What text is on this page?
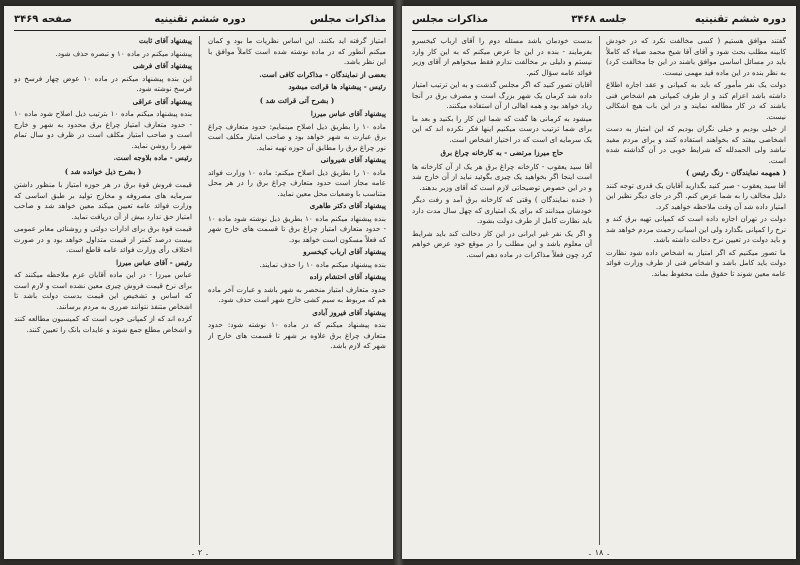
مذاکرات مجلس
دوره ششم تقنینیه
صفحه ۳۴۶۹

امتیاز گرفته اید بکنند. این اساس نظریات ما بود و کمان میکنم آنطور که در ماده نوشته شده است کاملاً موافق با این نظر باشد.

بعضی از نمایندگان - مذاکرات کافی است.

رئیس - پیشنهاد ها قرائت میشود

( بشرح آتی قرائت شد )

پیشنهاد آقای عباس میرزا

ماده ۱۰ را بطریق ذیل اصلاح مینمایم: حدود متعارف چراغ برق عبارت به شهر خواهد بود و صاحب امتیاز مکلف است نور چراغ برق را مطابق آن حوزه تهیه نماید.

پیشنهاد آقای شیروانی

ماده ۱۰ را بطریق ذیل اصلاح میکنم: ماده ۱۰ وزارت فوائد عامه مجاز است حدود متعارف چراغ برق را در هر محل متناسب با وضعیات محل معین نماید.

پیشنهاد آقای دکتر طاهری

بنده پیشنهاد میکنم ماده ۱۰ بطریق ذیل نوشته شود ماده ۱۰ - حدود متعارف امتیاز چراغ برق تا قسمت های خارج شهر که فعلاً مسکون است خواهد بود.

پیشنهاد آقای ارباب کیخسرو

بنده پیشنهاد میکنم ماده ۱۰ را حذف نمایند.

پیشنهاد آقای احتشام زاده

حدود متعارف امتیاز منحصر به شهر باشد و عبارت آخر ماده هم که مربوط به سیم کشی خارج شهر است حذف شود.

پیشنهاد آقای فیروز آبادی

بنده پیشنهاد میکنم که در ماده ۱۰ نوشته شود: حدود متعارف چراغ برق علاوه بر شهر تا قسمت های خارج از شهر که لازم باشد.

پیشنهاد آقای ثابت

پیشنهاد میکنم در ماده ۱۰ و تبصره حذف شود.

پیشنهاد آقای فرشی

این بنده پیشنهاد میکنم در ماده ۱۰ عوض چهار فرسخ دو فرسخ نوشته شود.

پیشنهاد آقای عراقی

بنده پیشنهاد میکنم ماده ۱۰ بترتیب ذیل اصلاح شود ماده ۱۰ - حدود متعارف امتیاز چراغ برق محدود به شهر و خارج است و صاحب امتیاز مکلف است در ظرف دو سال تمام شهر را روشن نماید.

رئیس - ماده بلاوجه است.

( بشرح ذیل خوانده شد )

قیمت فروش قوة برق در هر حوزه امتیاز با منظور داشتن سرمایه های مصروفه و مخارج تولید بر طبق اساسی که وزارت فوائد عامه تعیین میکند معین خواهد شد و صاحب امتیاز حق ندارد بیش از آن دریافت نماید.

قیمت قوة برق برای ادارات دولتی و روشنائی معابر عمومی بیست درصد کمتر از قیمت متداول خواهد بود و در صورت اختلاف رأی وزارت فوائد عامه قاطع است.

رئیس - آقای عباس میرزا

عباس میرزا - در این ماده آقایان عزم ملاحظه میکنند که برای نرخ قیمت فروش چیزی معین نشده است و لازم است که اساس و تشخیص این قیمت بدست دولت باشد تا اشخاص متنفذ نتوانند ضرری به مردم برسانند.

کرده اند که از کمپانی خوب است که کمیسیون مطالعه کنند و اشخاص مطلع جمع شوند و عایدات بانک را تعیین کنند.

۔ ۲ ۔
دوره ششم تقنینیه
جلسه ۳۴۶۸
مذاکرات مجلس

گفتند موافق هستیم ( کسی مخالفت نکرد که در خودش کابینه مطلب بحث شود و آقای آقا شیخ محمد ضیاء که کاملاً باید در مسائل اساسی موافق باشند در این جا مخالفت کرد) به نظر بنده در این ماده قید مهمی نیست.

دولت یک نفر مأمور که باید به کمپانی و عقد اجاره اطلاع داشته باشد اعزام کند و از طرف کمپانی هم اشخاص فنی باشند که در کار مطالعه نمایند و در این باب هیچ اشکالی نیست.

از خیلی بودیم و خیلی نگران بودیم که این امتیاز به دست اشخاصی بیفتد که بخواهند استفاده کنند و برای مردم مفید نباشد ولی الحمدلله که شرایط خوبی در آن گذاشته شده است.

( همهمه نمایندگان - زنگ رئیس )

آقا سید یعقوب - صبر کنید بگذارید آقایان یک قدری توجه کنند دلیل مخالف را به شما عرض کنم. اگر در جای دیگر نظیر این امتیاز داده شد آن وقت ملاحظه خواهید کرد.

دولت در تهران اجازه داده است که کمپانی تهیه برق کند و نرخ را کمپانی بگذارد ولی این اسباب زحمت مردم خواهد شد و باید دولت در تعیین نرخ دخالت داشته باشد.

ما تصور میکنیم که اگر امتیاز به اشخاص داده شود نظارت دولت باید کامل باشد و اشخاص فنی از طرف وزارت فوائد عامه معین شوند تا حقوق ملت محفوظ بماند.

بدست خودمان باشد مسئله دوم را آقای ارباب کیخسرو بفرمایند - بنده در این جا عرض میکنم که به این کار وارد نیستم و دلیلی بر مخالفت ندارم فقط میخواهم از آقای وزیر فوائد عامه سؤال کنم.

آقایان تصور کنید که اگر مجلس گذشت و به این ترتیب امتیاز داده شد کرمان یک شهر بزرگ است و مصرف برق در آنجا زیاد خواهد بود و همه اهالی از آن استفاده میکنند.

میشود به کرمانی ها گفت که شما این کار را بکنید و بعد ما برای شما ترتیب درست میکنیم اینها فکر نکرده اند که این یک سرمایه ای است که در اختیار اشخاص است.

حاج میرزا مرتضی - به کارخانه چراغ برق

آقا سید یعقوب - کارخانه چراغ برق هر یک از آن کارخانه ها است اینجا اگر بخواهید یک چیزی بگوئید نباید از آن خارج شد و در این خصوص توضیحاتی لازم است که آقای وزیر بدهند.

( خنده نمایندگان ) وقتی که کارخانه برق آمد و رفت دیگر خودشان میدانند که برای یک امتیازی که چهل سال مدت دارد باید نظارت کامل از طرف دولت بشود.

و اگر یک نفر غیر ایرانی در این کار دخالت کند باید شرایط آن معلوم باشد و این مطلب را در موقع خود عرض خواهم کرد چون فعلاً مذاکرات در ماده دهم است.

۔ ۱۸ ۔
